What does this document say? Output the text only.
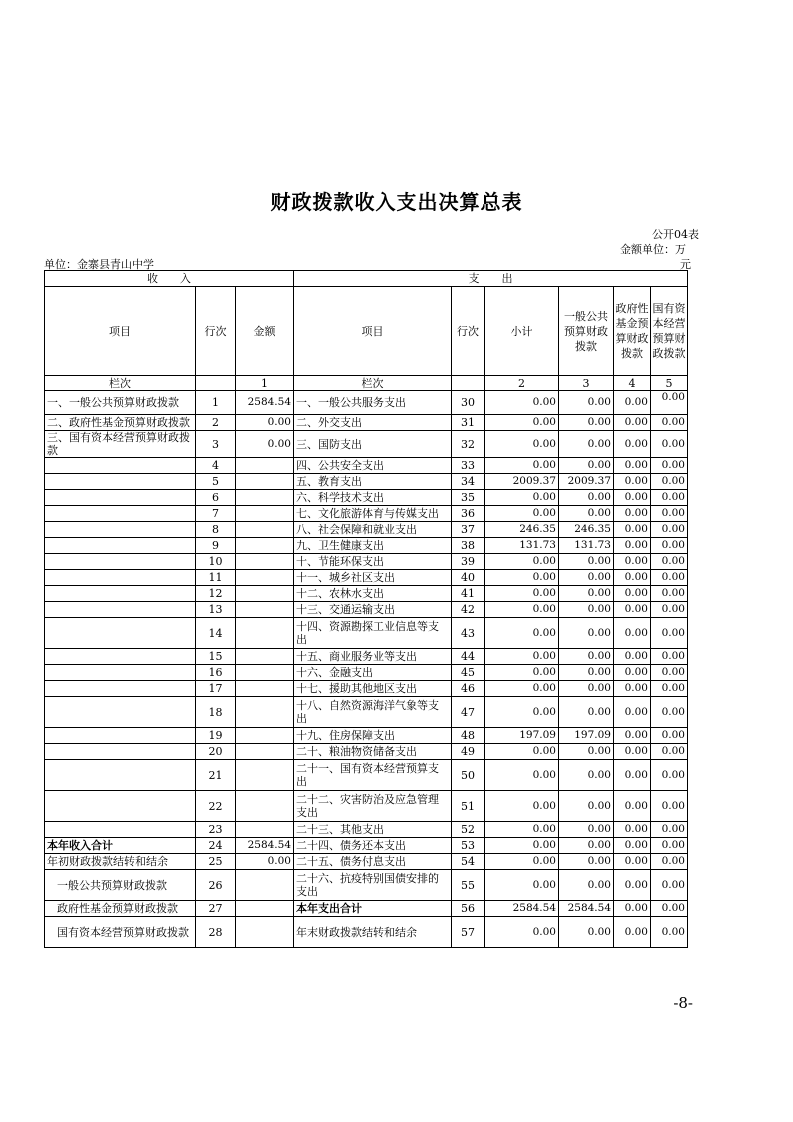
财政拨款收入支出决算总表
公开04表
金额单位：万
单位：金寨县青山中学	元
收　　入			支　　出					
项目	行次	金额	项目	行次	小计	一般公共预算财政拨款	政府性基金预算财政拨款	国有资本经营预算财政拨款
栏次		1	栏次		2	3	4	5
一、一般公共预算财政拨款	1	2584.54	一、一般公共服务支出	30	0.00	0.00	0.00	0.00
二、政府性基金预算财政拨款	2	0.00	二、外交支出	31	0.00	0.00	0.00	0.00
三、国有资本经营预算财政拨款	3	0.00	三、国防支出	32	0.00	0.00	0.00	0.00
	4		四、公共安全支出	33	0.00	0.00	0.00	0.00
	5		五、教育支出	34	2009.37	2009.37	0.00	0.00
	6		六、科学技术支出	35	0.00	0.00	0.00	0.00
	7		七、文化旅游体育与传媒支出	36	0.00	0.00	0.00	0.00
	8		八、社会保障和就业支出	37	246.35	246.35	0.00	0.00
	9		九、卫生健康支出	38	131.73	131.73	0.00	0.00
	10		十、节能环保支出	39	0.00	0.00	0.00	0.00
	11		十一、城乡社区支出	40	0.00	0.00	0.00	0.00
	12		十二、农林水支出	41	0.00	0.00	0.00	0.00
	13		十三、交通运输支出	42	0.00	0.00	0.00	0.00
	14		十四、资源勘探工业信息等支出	43	0.00	0.00	0.00	0.00
	15		十五、商业服务业等支出	44	0.00	0.00	0.00	0.00
	16		十六、金融支出	45	0.00	0.00	0.00	0.00
	17		十七、援助其他地区支出	46	0.00	0.00	0.00	0.00
	18		十八、自然资源海洋气象等支出	47	0.00	0.00	0.00	0.00
	19		十九、住房保障支出	48	197.09	197.09	0.00	0.00
	20		二十、粮油物资储备支出	49	0.00	0.00	0.00	0.00
	21		二十一、国有资本经营预算支出	50	0.00	0.00	0.00	0.00
	22		二十二、灾害防治及应急管理支出	51	0.00	0.00	0.00	0.00
	23		二十三、其他支出	52	0.00	0.00	0.00	0.00
本年收入合计	24	2584.54	二十四、债务还本支出	53	0.00	0.00	0.00	0.00
年初财政拨款结转和结余	25	0.00	二十五、债务付息支出	54	0.00	0.00	0.00	0.00
一般公共预算财政拨款	26		二十六、抗疫特别国债安排的支出	55	0.00	0.00	0.00	0.00
政府性基金预算财政拨款	27		本年支出合计	56	2584.54	2584.54	0.00	0.00
国有资本经营预算财政拨款	28		年末财政拨款结转和结余	57	0.00	0.00	0.00	0.00
-8-
